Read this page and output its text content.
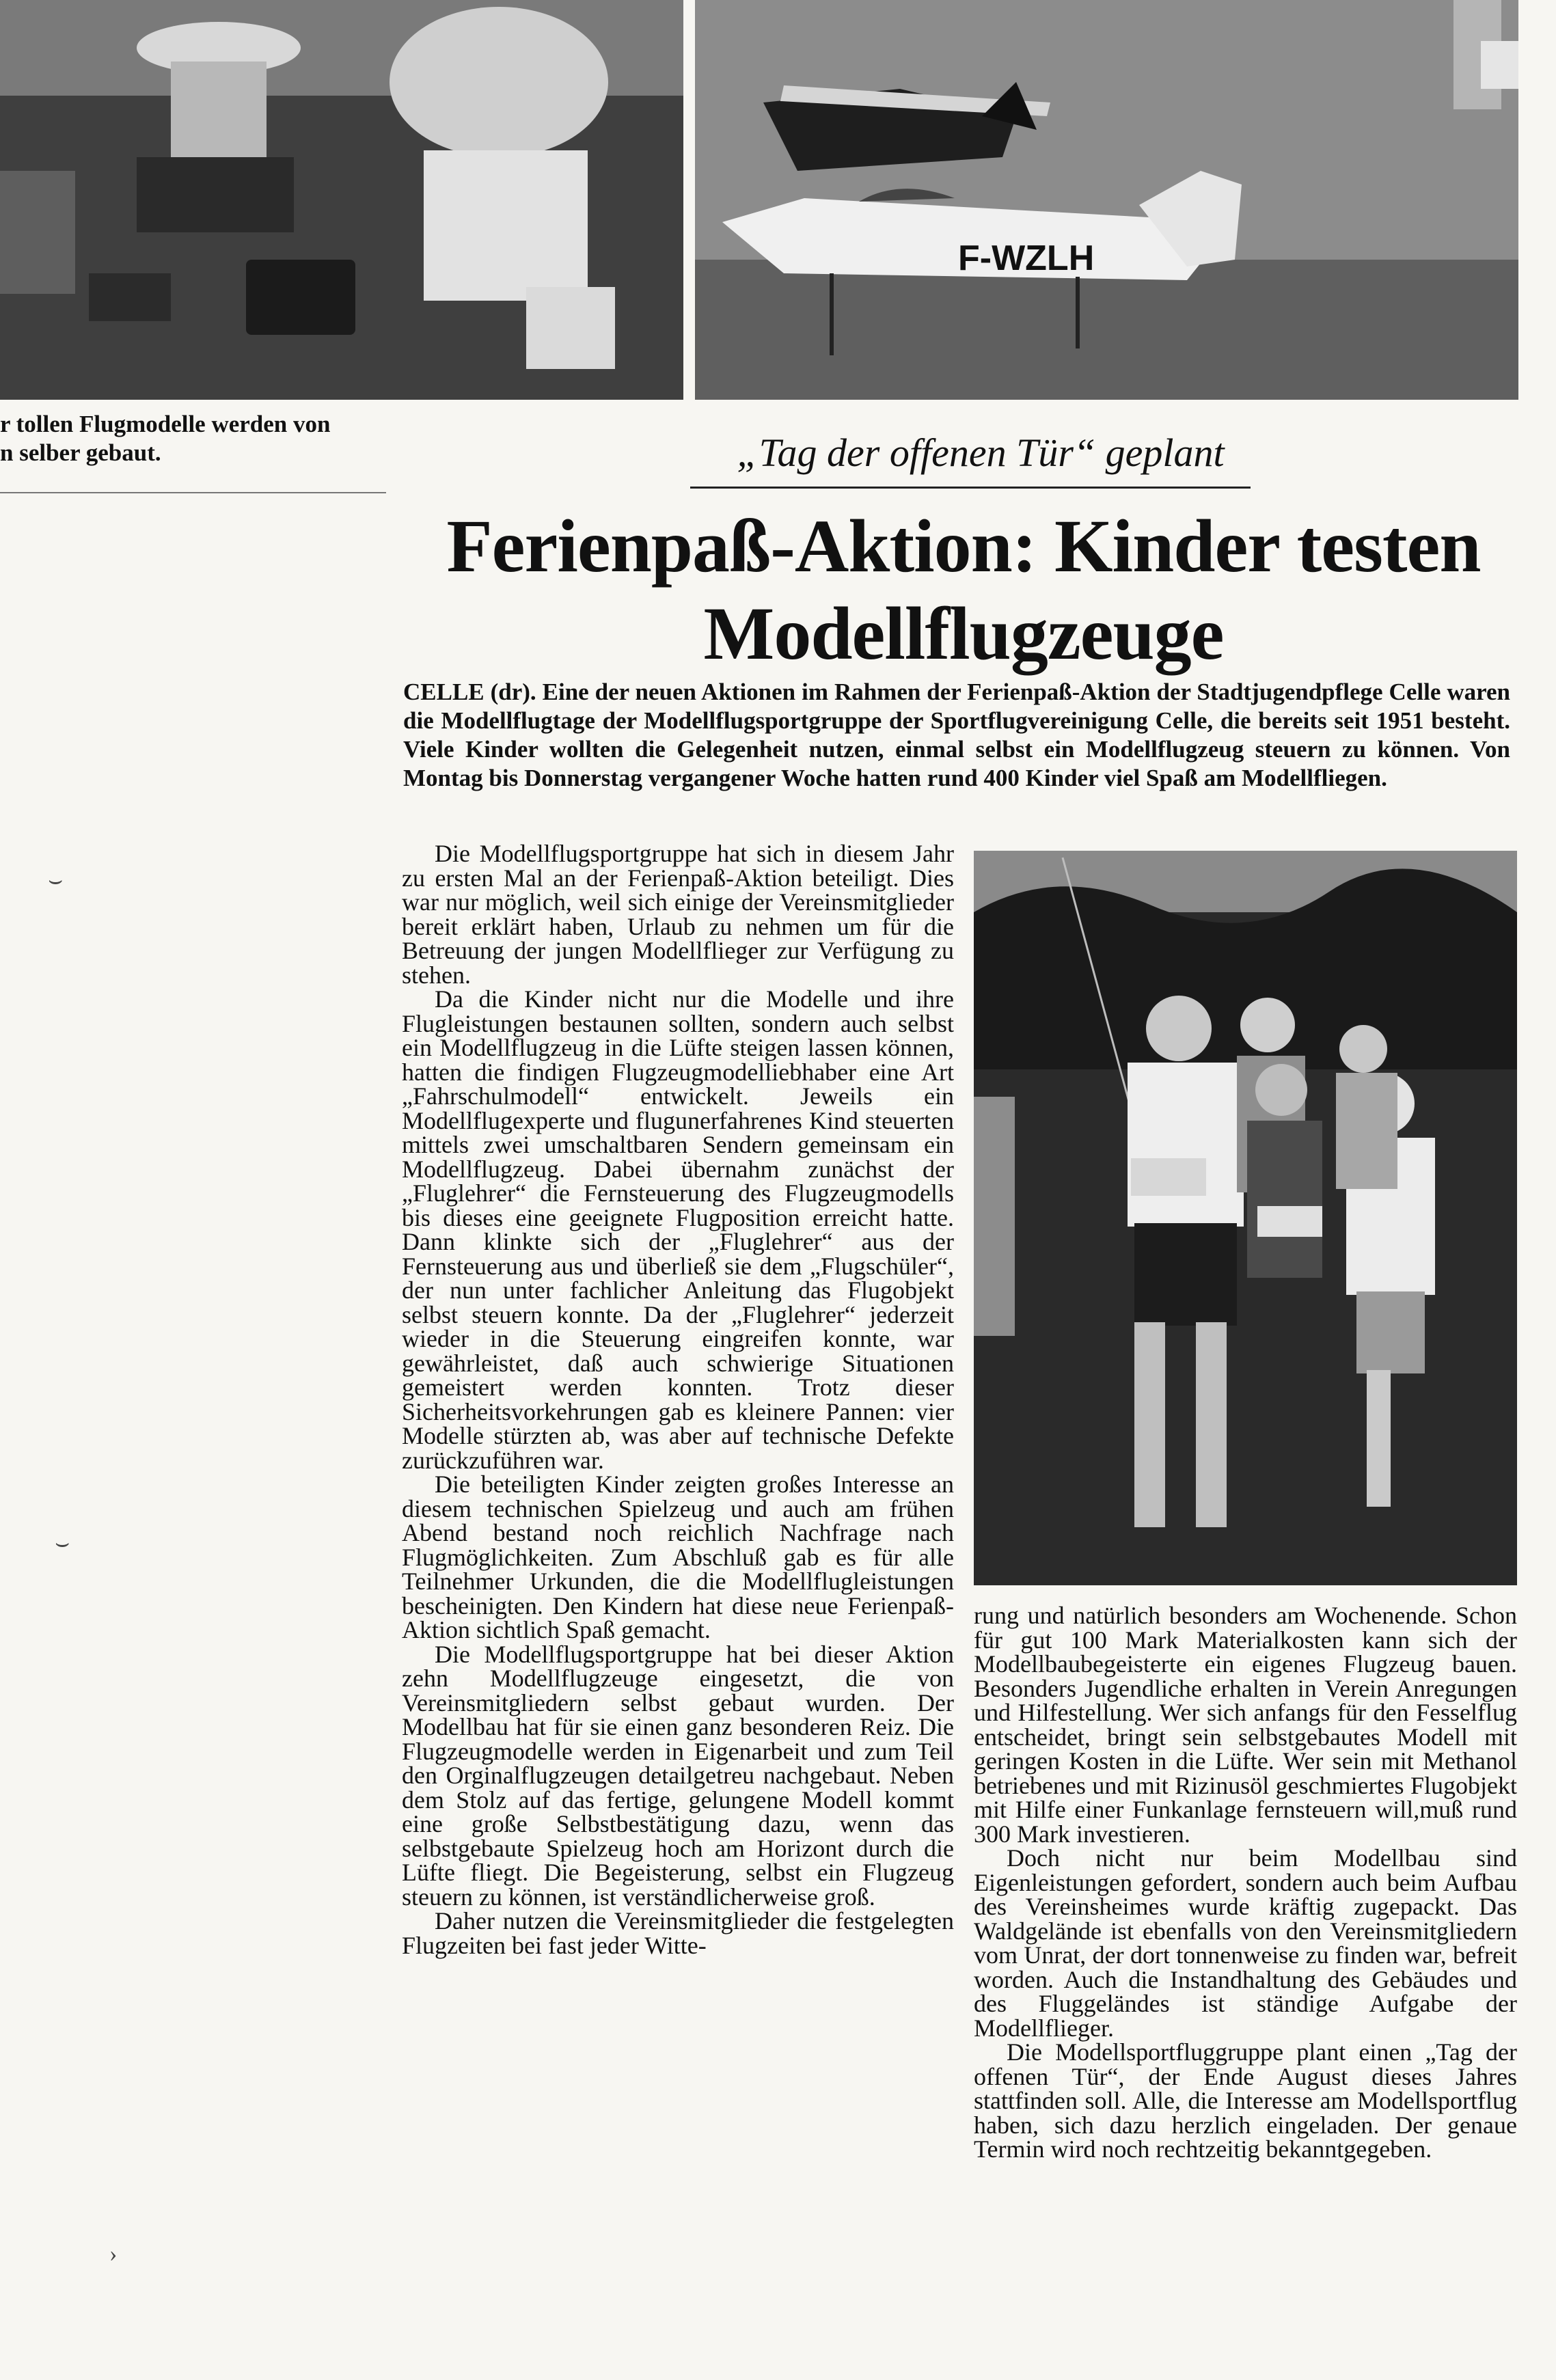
F-WZLH
r tollen Flugmodelle werden von
n selber gebaut.	„Tag der offenen Tür“ geplant
Ferienpaß-Aktion: Kinder testen
Modellflugzeuge
CELLE (dr). Eine der neuen Aktionen im Rahmen der Ferienpaß-Aktion der Stadtjugendpflege Celle waren die Modellflugtage der Modellflugsportgruppe der Sportflugvereinigung Celle, die bereits seit 1951 besteht. Viele Kinder wollten die Gelegenheit nutzen, einmal selbst ein Modellflugzeug steuern zu können. Von Montag bis Donnerstag vergangener Woche hatten rund 400 Kinder viel Spaß am Modellfliegen.

Die Modellflugsportgruppe hat sich in diesem Jahr zu ersten Mal an der Ferienpaß-Aktion beteiligt. Dies war nur möglich, weil sich einige der Vereinsmitglieder bereit erklärt haben, Urlaub zu nehmen um für die Betreuung der jungen Modellflieger zur Verfügung zu stehen.

Da die Kinder nicht nur die Modelle und ihre Flugleistungen bestaunen sollten, sondern auch selbst ein Modellflugzeug in die Lüfte steigen lassen können, hatten die findigen Flugzeugmodelliebhaber eine Art „Fahrschulmodell“ entwickelt. Jeweils ein Modellflugexperte und flugunerfahrenes Kind steuerten mittels zwei umschaltbaren Sendern gemeinsam ein Modellflugzeug. Dabei übernahm zunächst der „Fluglehrer“ die Fernsteuerung des Flugzeugmodells bis dieses eine geeignete Flugposition erreicht hatte. Dann klinkte sich der „Fluglehrer“ aus der Fernsteuerung aus und überließ sie dem „Flugschüler“, der nun unter fachlicher Anleitung das Flugobjekt selbst steuern konnte. Da der „Fluglehrer“ jederzeit wieder in die Steuerung eingreifen konnte, war gewährleistet, daß auch schwierige Situationen gemeistert werden konnten. Trotz dieser Sicherheitsvorkehrungen gab es kleinere Pannen: vier Modelle stürzten ab, was aber auf technische Defekte zurückzuführen war.

Die beteiligten Kinder zeigten großes Interesse an diesem technischen Spielzeug und auch am frühen Abend bestand noch reichlich Nachfrage nach Flugmöglichkeiten. Zum Abschluß gab es für alle Teilnehmer Urkunden, die die Modellflugleistungen bescheinigten. Den Kindern hat diese neue Ferienpaß-Aktion sichtlich Spaß gemacht.

Die Modellflugsportgruppe hat bei dieser Aktion zehn Modellflugzeuge eingesetzt, die von Vereinsmitgliedern selbst gebaut wurden. Der Modellbau hat für sie einen ganz besonderen Reiz. Die Flugzeugmodelle werden in Eigenarbeit und zum Teil den Orginalflugzeugen detailgetreu nachgebaut. Neben dem Stolz auf das fertige, gelungene Modell kommt eine große Selbstbestätigung dazu, wenn das selbstgebaute Spielzeug hoch am Horizont durch die Lüfte fliegt. Die Begeisterung, selbst ein Flugzeug steuern zu können, ist verständlicherweise groß.

Daher nutzen die Vereinsmitglieder die festgelegten Flugzeiten bei fast jeder Witte-

rung und natürlich besonders am Wochenende. Schon für gut 100 Mark Materialkosten kann sich der Modellbaubegeisterte ein eigenes Flugzeug bauen. Besonders Jugendliche erhalten in Verein Anregungen und Hilfestellung. Wer sich anfangs für den Fesselflug entscheidet, bringt sein selbstgebautes Modell mit geringen Kosten in die Lüfte. Wer sein mit Methanol betriebenes und mit Rizinusöl geschmiertes Flugobjekt mit Hilfe einer Funkanlage fernsteuern will,muß rund 300 Mark investieren.

Doch nicht nur beim Modellbau sind Eigenleistungen gefordert, sondern auch beim Aufbau des Vereinsheimes wurde kräftig zugepackt. Das Waldgelände ist ebenfalls von den Vereinsmitgliedern vom Unrat, der dort tonnenweise zu finden war, befreit worden. Auch die Instandhaltung des Gebäudes und des Fluggeländes ist ständige Aufgabe der Modellflieger.

Die Modellsportfluggruppe plant einen „Tag der offenen Tür“, der Ende August dieses Jahres stattfinden soll. Alle, die Interesse am Modellsportflug haben, sich dazu herzlich eingeladen. Der genaue Termin wird noch rechtzeitig bekanntgegeben.

⌣
⌣
›
